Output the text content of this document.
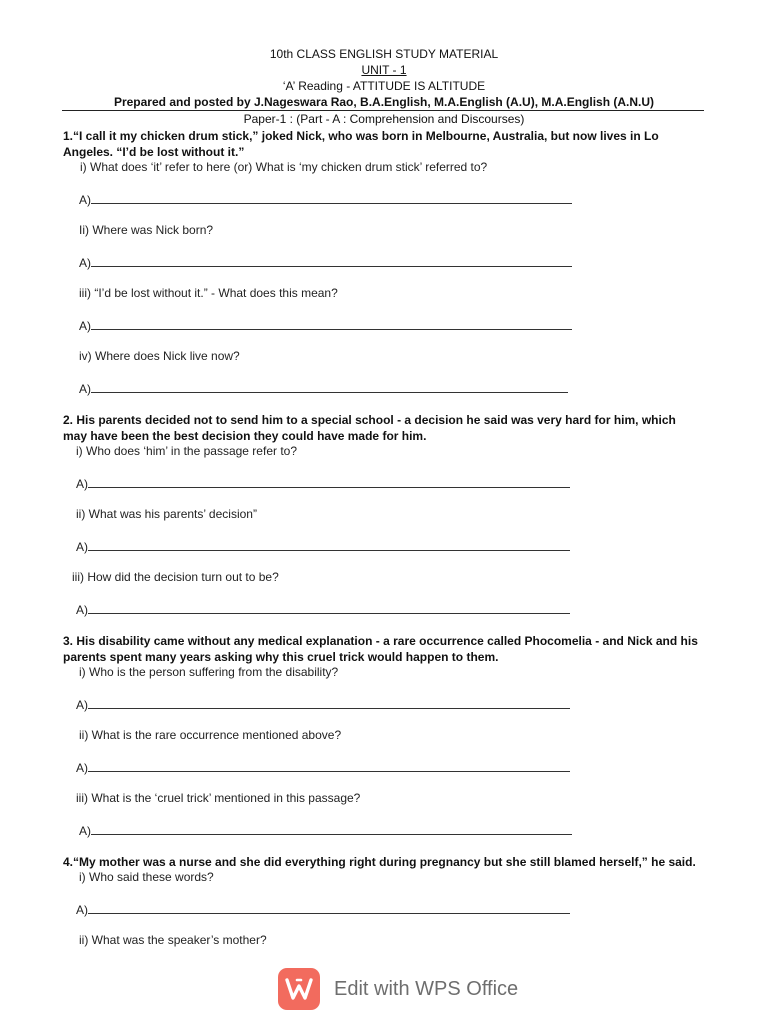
10th CLASS ENGLISH STUDY MATERIAL
UNIT - 1
‘A’ Reading - ATTITUDE IS ALTITUDE
Prepared and posted by J.Nageswara Rao, B.A.English, M.A.English (A.U), M.A.English (A.N.U)
Paper-1 : (Part - A : Comprehension and Discourses)
1.“I call it my chicken drum stick,” joked Nick, who was born in Melbourne, Australia, but now lives in Lo Angeles. “I’d be lost without it.”
i) What does ‘it’ refer to here (or) What is ‘my chicken drum stick’ referred to?
A)
Ii) Where was Nick born?
A)
iii) “I’d be lost without it.” - What does this mean?
A)
iv) Where does Nick live now?
A)
2. His parents decided not to send him to a special school - a decision he said was very hard for him, which may have been the best decision they could have made for him.
i) Who does ‘him’ in the passage refer to?
A)
ii) What was his parents’ decision”
A)
iii) How did the decision turn out to be?
A)
3. His disability came without any medical explanation - a rare occurrence called Phocomelia - and Nick and his parents spent many years asking why this cruel trick would happen to them.
i) Who is the person suffering from the disability?
A)
ii) What is the rare occurrence mentioned above?
A)
iii) What is the ‘cruel trick’ mentioned in this passage?
A)
4.“My mother was a nurse and she did everything right during pregnancy but she still blamed herself,” he said.
i) Who said these words?
A)
ii) What was the speaker’s mother?
Edit with WPS Office
